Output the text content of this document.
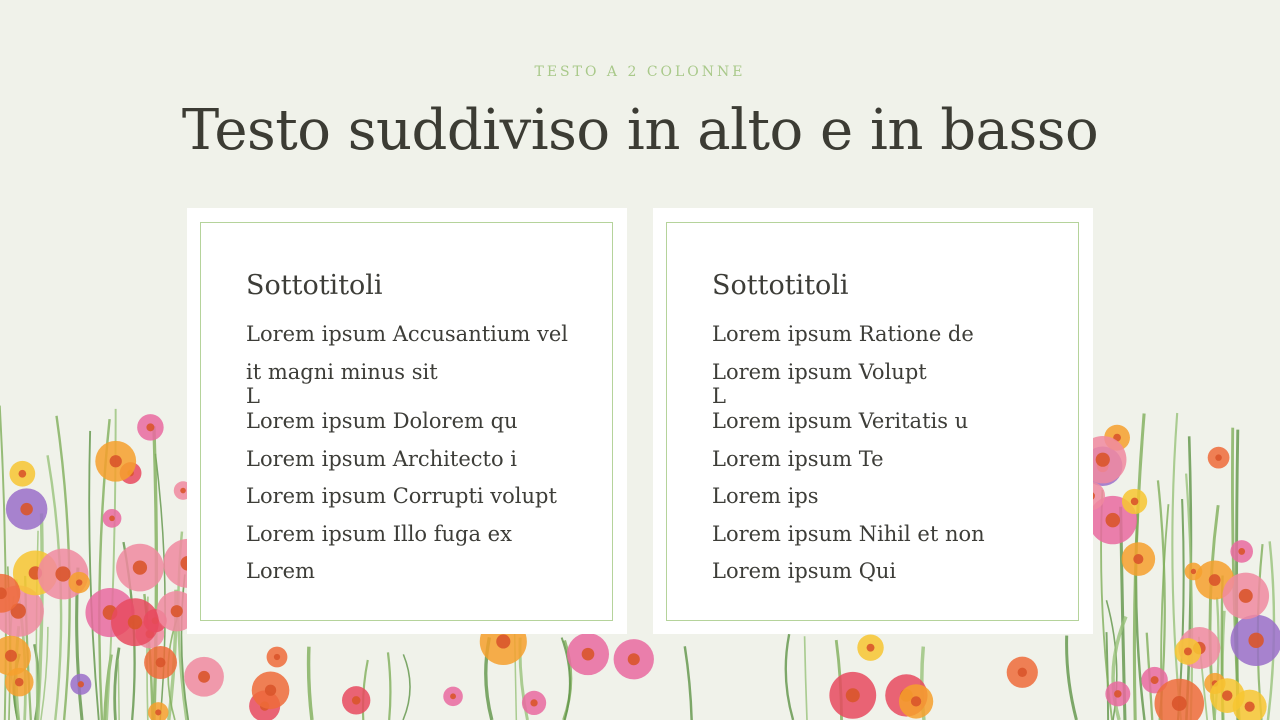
TESTO A 2 COLONNE
Testo suddiviso in alto e in basso
Sottotitoli
Lorem ipsum Accusantium vel
it magni minus sit
L
Lorem ipsum Dolorem qu
Lorem ipsum Architecto i
Lorem ipsum Corrupti volupt
Lorem ipsum Illo fuga ex
Lorem
Sottotitoli
Lorem ipsum Ratione de
Lorem ipsum Volupt
L
Lorem ipsum Veritatis u
Lorem ipsum Te
Lorem ips
Lorem ipsum Nihil et non
Lorem ipsum Qui
